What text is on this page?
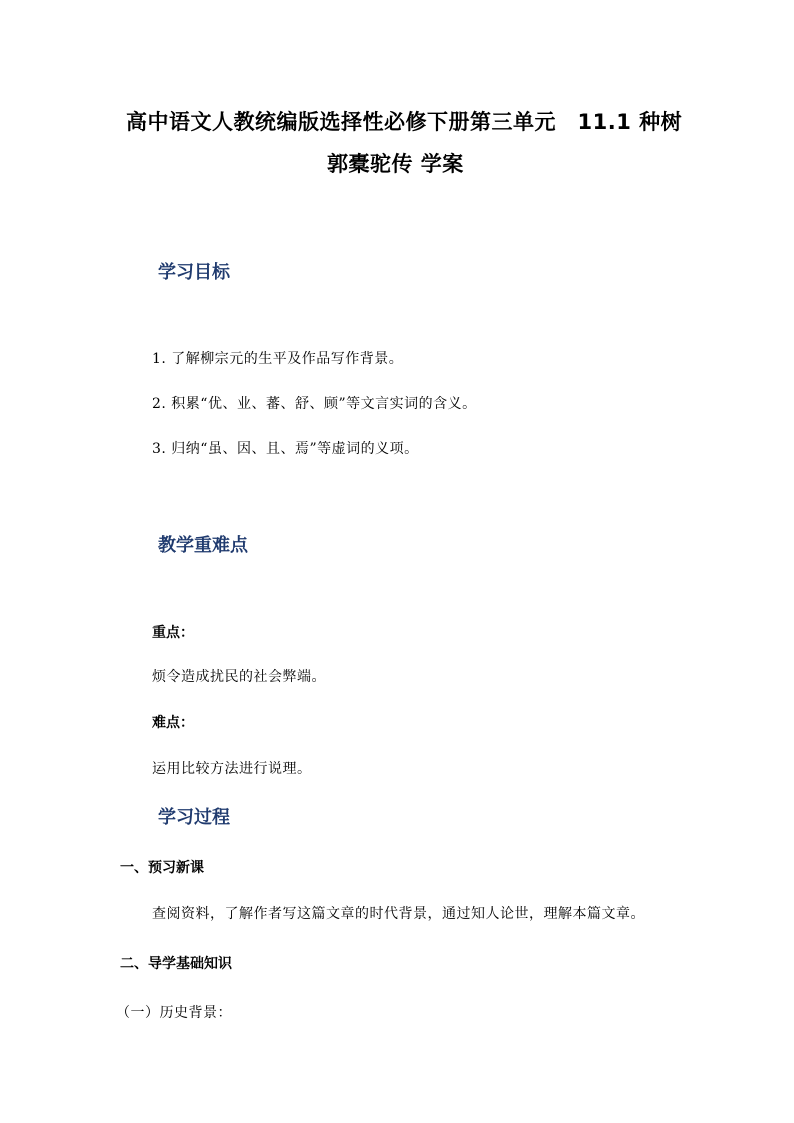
高中语文人教统编版选择性必修下册第三单元　11.1 种树
郭橐驼传 学案
学习目标
1. 了解柳宗元的生平及作品写作背景。
2. 积累“优、业、蕃、舒、顾”等文言实词的含义。
3. 归纳“虽、因、且、焉”等虚词的义项。
教学重难点
重点：
烦令造成扰民的社会弊端。
难点：
运用比较方法进行说理。
学习过程
一、预习新课
查阅资料，了解作者写这篇文章的时代背景，通过知人论世，理解本篇文章。
二、导学基础知识
（一）历史背景：
